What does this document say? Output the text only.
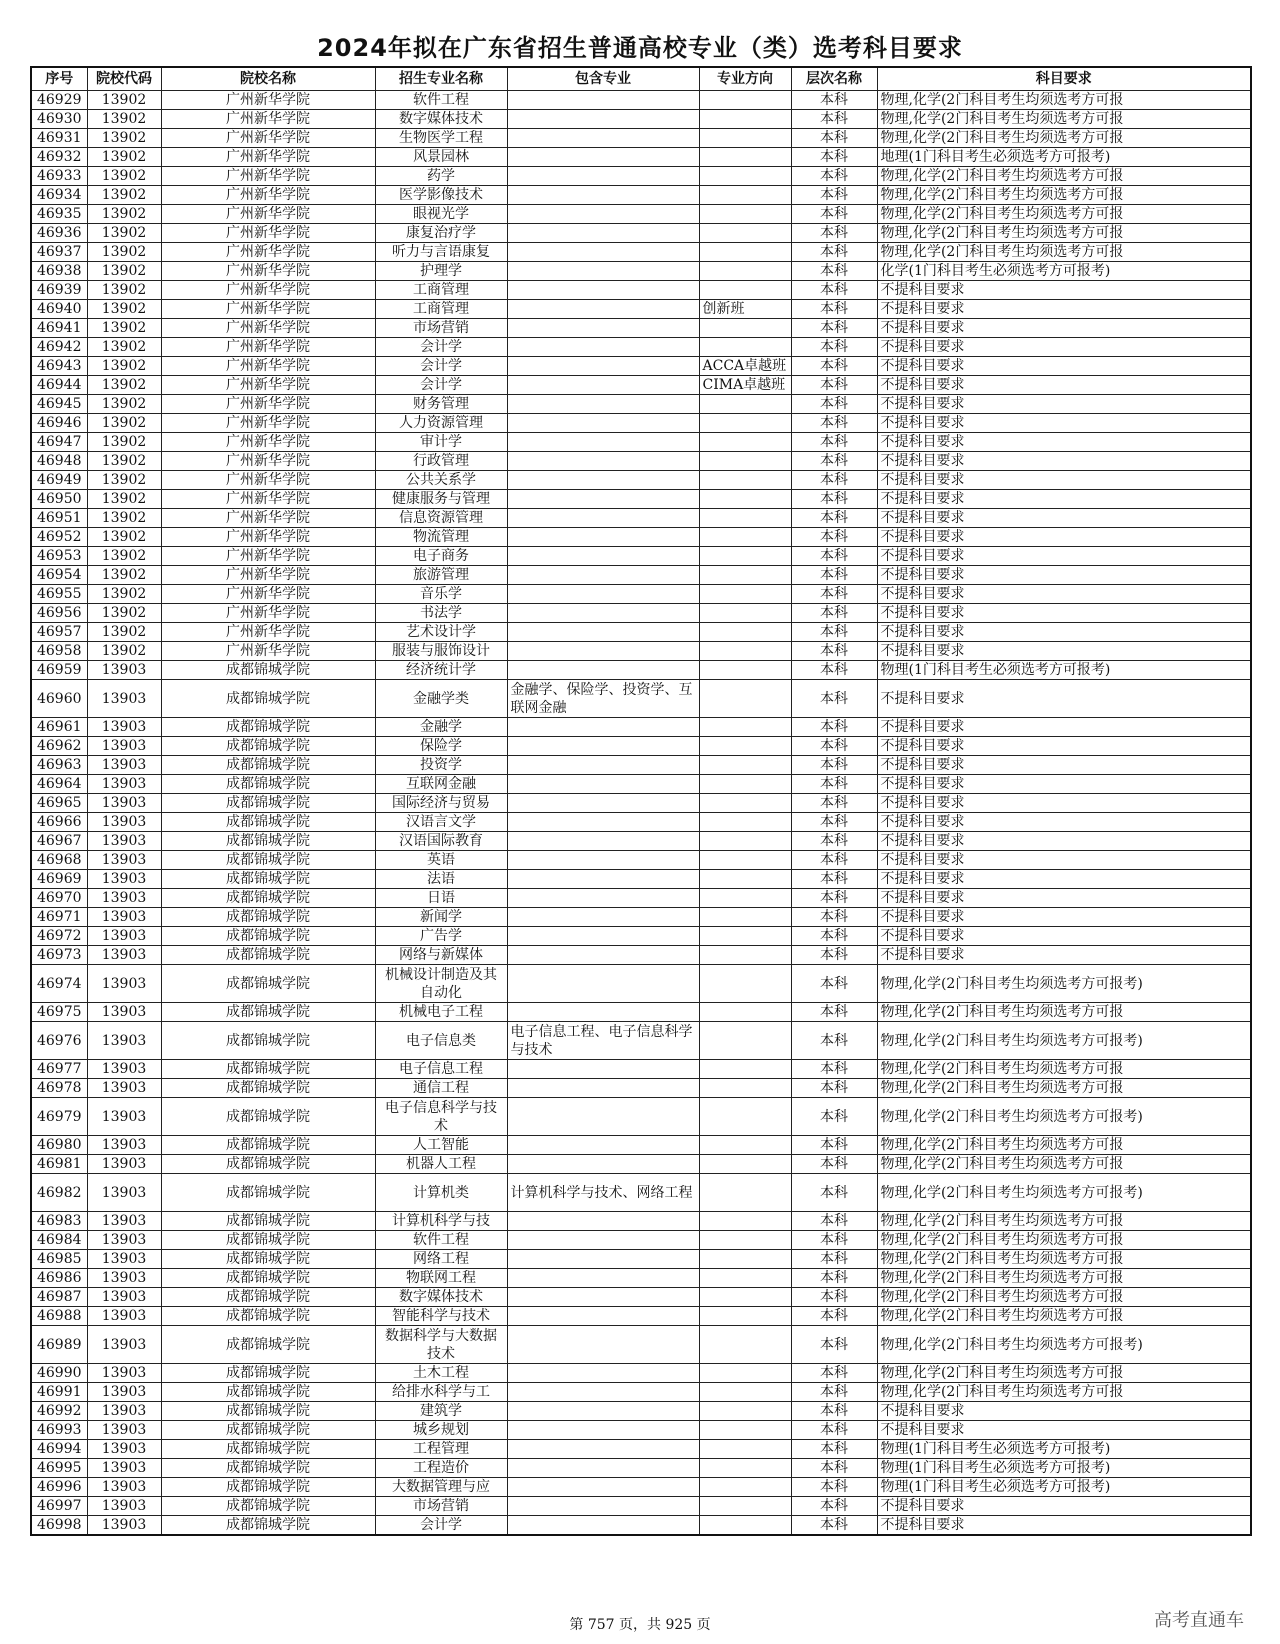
2024年拟在广东省招生普通高校专业（类）选考科目要求
序号	院校代码	院校名称	招生专业名称	包含专业	专业方向	层次名称	科目要求
46929	13902	广州新华学院	软件工程			本科	物理,化学(2门科目考生均须选考方可报
46930	13902	广州新华学院	数字媒体技术			本科	物理,化学(2门科目考生均须选考方可报
46931	13902	广州新华学院	生物医学工程			本科	物理,化学(2门科目考生均须选考方可报
46932	13902	广州新华学院	风景园林			本科	地理(1门科目考生必须选考方可报考)
46933	13902	广州新华学院	药学			本科	物理,化学(2门科目考生均须选考方可报
46934	13902	广州新华学院	医学影像技术			本科	物理,化学(2门科目考生均须选考方可报
46935	13902	广州新华学院	眼视光学			本科	物理,化学(2门科目考生均须选考方可报
46936	13902	广州新华学院	康复治疗学			本科	物理,化学(2门科目考生均须选考方可报
46937	13902	广州新华学院	听力与言语康复			本科	物理,化学(2门科目考生均须选考方可报
46938	13902	广州新华学院	护理学			本科	化学(1门科目考生必须选考方可报考)
46939	13902	广州新华学院	工商管理			本科	不提科目要求
46940	13902	广州新华学院	工商管理		创新班	本科	不提科目要求
46941	13902	广州新华学院	市场营销			本科	不提科目要求
46942	13902	广州新华学院	会计学			本科	不提科目要求
46943	13902	广州新华学院	会计学		ACCA卓越班	本科	不提科目要求
46944	13902	广州新华学院	会计学		CIMA卓越班	本科	不提科目要求
46945	13902	广州新华学院	财务管理			本科	不提科目要求
46946	13902	广州新华学院	人力资源管理			本科	不提科目要求
46947	13902	广州新华学院	审计学			本科	不提科目要求
46948	13902	广州新华学院	行政管理			本科	不提科目要求
46949	13902	广州新华学院	公共关系学			本科	不提科目要求
46950	13902	广州新华学院	健康服务与管理			本科	不提科目要求
46951	13902	广州新华学院	信息资源管理			本科	不提科目要求
46952	13902	广州新华学院	物流管理			本科	不提科目要求
46953	13902	广州新华学院	电子商务			本科	不提科目要求
46954	13902	广州新华学院	旅游管理			本科	不提科目要求
46955	13902	广州新华学院	音乐学			本科	不提科目要求
46956	13902	广州新华学院	书法学			本科	不提科目要求
46957	13902	广州新华学院	艺术设计学			本科	不提科目要求
46958	13902	广州新华学院	服装与服饰设计			本科	不提科目要求
46959	13903	成都锦城学院	经济统计学			本科	物理(1门科目考生必须选考方可报考)
46960	13903	成都锦城学院	金融学类	金融学、保险学、投资学、互联网金融		本科	不提科目要求
46961	13903	成都锦城学院	金融学			本科	不提科目要求
46962	13903	成都锦城学院	保险学			本科	不提科目要求
46963	13903	成都锦城学院	投资学			本科	不提科目要求
46964	13903	成都锦城学院	互联网金融			本科	不提科目要求
46965	13903	成都锦城学院	国际经济与贸易			本科	不提科目要求
46966	13903	成都锦城学院	汉语言文学			本科	不提科目要求
46967	13903	成都锦城学院	汉语国际教育			本科	不提科目要求
46968	13903	成都锦城学院	英语			本科	不提科目要求
46969	13903	成都锦城学院	法语			本科	不提科目要求
46970	13903	成都锦城学院	日语			本科	不提科目要求
46971	13903	成都锦城学院	新闻学			本科	不提科目要求
46972	13903	成都锦城学院	广告学			本科	不提科目要求
46973	13903	成都锦城学院	网络与新媒体			本科	不提科目要求
46974	13903	成都锦城学院	机械设计制造及其自动化			本科	物理,化学(2门科目考生均须选考方可报考)
46975	13903	成都锦城学院	机械电子工程			本科	物理,化学(2门科目考生均须选考方可报
46976	13903	成都锦城学院	电子信息类	电子信息工程、电子信息科学与技术		本科	物理,化学(2门科目考生均须选考方可报考)
46977	13903	成都锦城学院	电子信息工程			本科	物理,化学(2门科目考生均须选考方可报
46978	13903	成都锦城学院	通信工程			本科	物理,化学(2门科目考生均须选考方可报
46979	13903	成都锦城学院	电子信息科学与技术			本科	物理,化学(2门科目考生均须选考方可报考)
46980	13903	成都锦城学院	人工智能			本科	物理,化学(2门科目考生均须选考方可报
46981	13903	成都锦城学院	机器人工程			本科	物理,化学(2门科目考生均须选考方可报
46982	13903	成都锦城学院	计算机类	计算机科学与技术、网络工程		本科	物理,化学(2门科目考生均须选考方可报考)
46983	13903	成都锦城学院	计算机科学与技			本科	物理,化学(2门科目考生均须选考方可报
46984	13903	成都锦城学院	软件工程			本科	物理,化学(2门科目考生均须选考方可报
46985	13903	成都锦城学院	网络工程			本科	物理,化学(2门科目考生均须选考方可报
46986	13903	成都锦城学院	物联网工程			本科	物理,化学(2门科目考生均须选考方可报
46987	13903	成都锦城学院	数字媒体技术			本科	物理,化学(2门科目考生均须选考方可报
46988	13903	成都锦城学院	智能科学与技术			本科	物理,化学(2门科目考生均须选考方可报
46989	13903	成都锦城学院	数据科学与大数据技术			本科	物理,化学(2门科目考生均须选考方可报考)
46990	13903	成都锦城学院	土木工程			本科	物理,化学(2门科目考生均须选考方可报
46991	13903	成都锦城学院	给排水科学与工			本科	物理,化学(2门科目考生均须选考方可报
46992	13903	成都锦城学院	建筑学			本科	不提科目要求
46993	13903	成都锦城学院	城乡规划			本科	不提科目要求
46994	13903	成都锦城学院	工程管理			本科	物理(1门科目考生必须选考方可报考)
46995	13903	成都锦城学院	工程造价			本科	物理(1门科目考生必须选考方可报考)
46996	13903	成都锦城学院	大数据管理与应			本科	物理(1门科目考生必须选考方可报考)
46997	13903	成都锦城学院	市场营销			本科	不提科目要求
46998	13903	成都锦城学院	会计学			本科	不提科目要求
第 757 页，共 925 页	高考直通车
